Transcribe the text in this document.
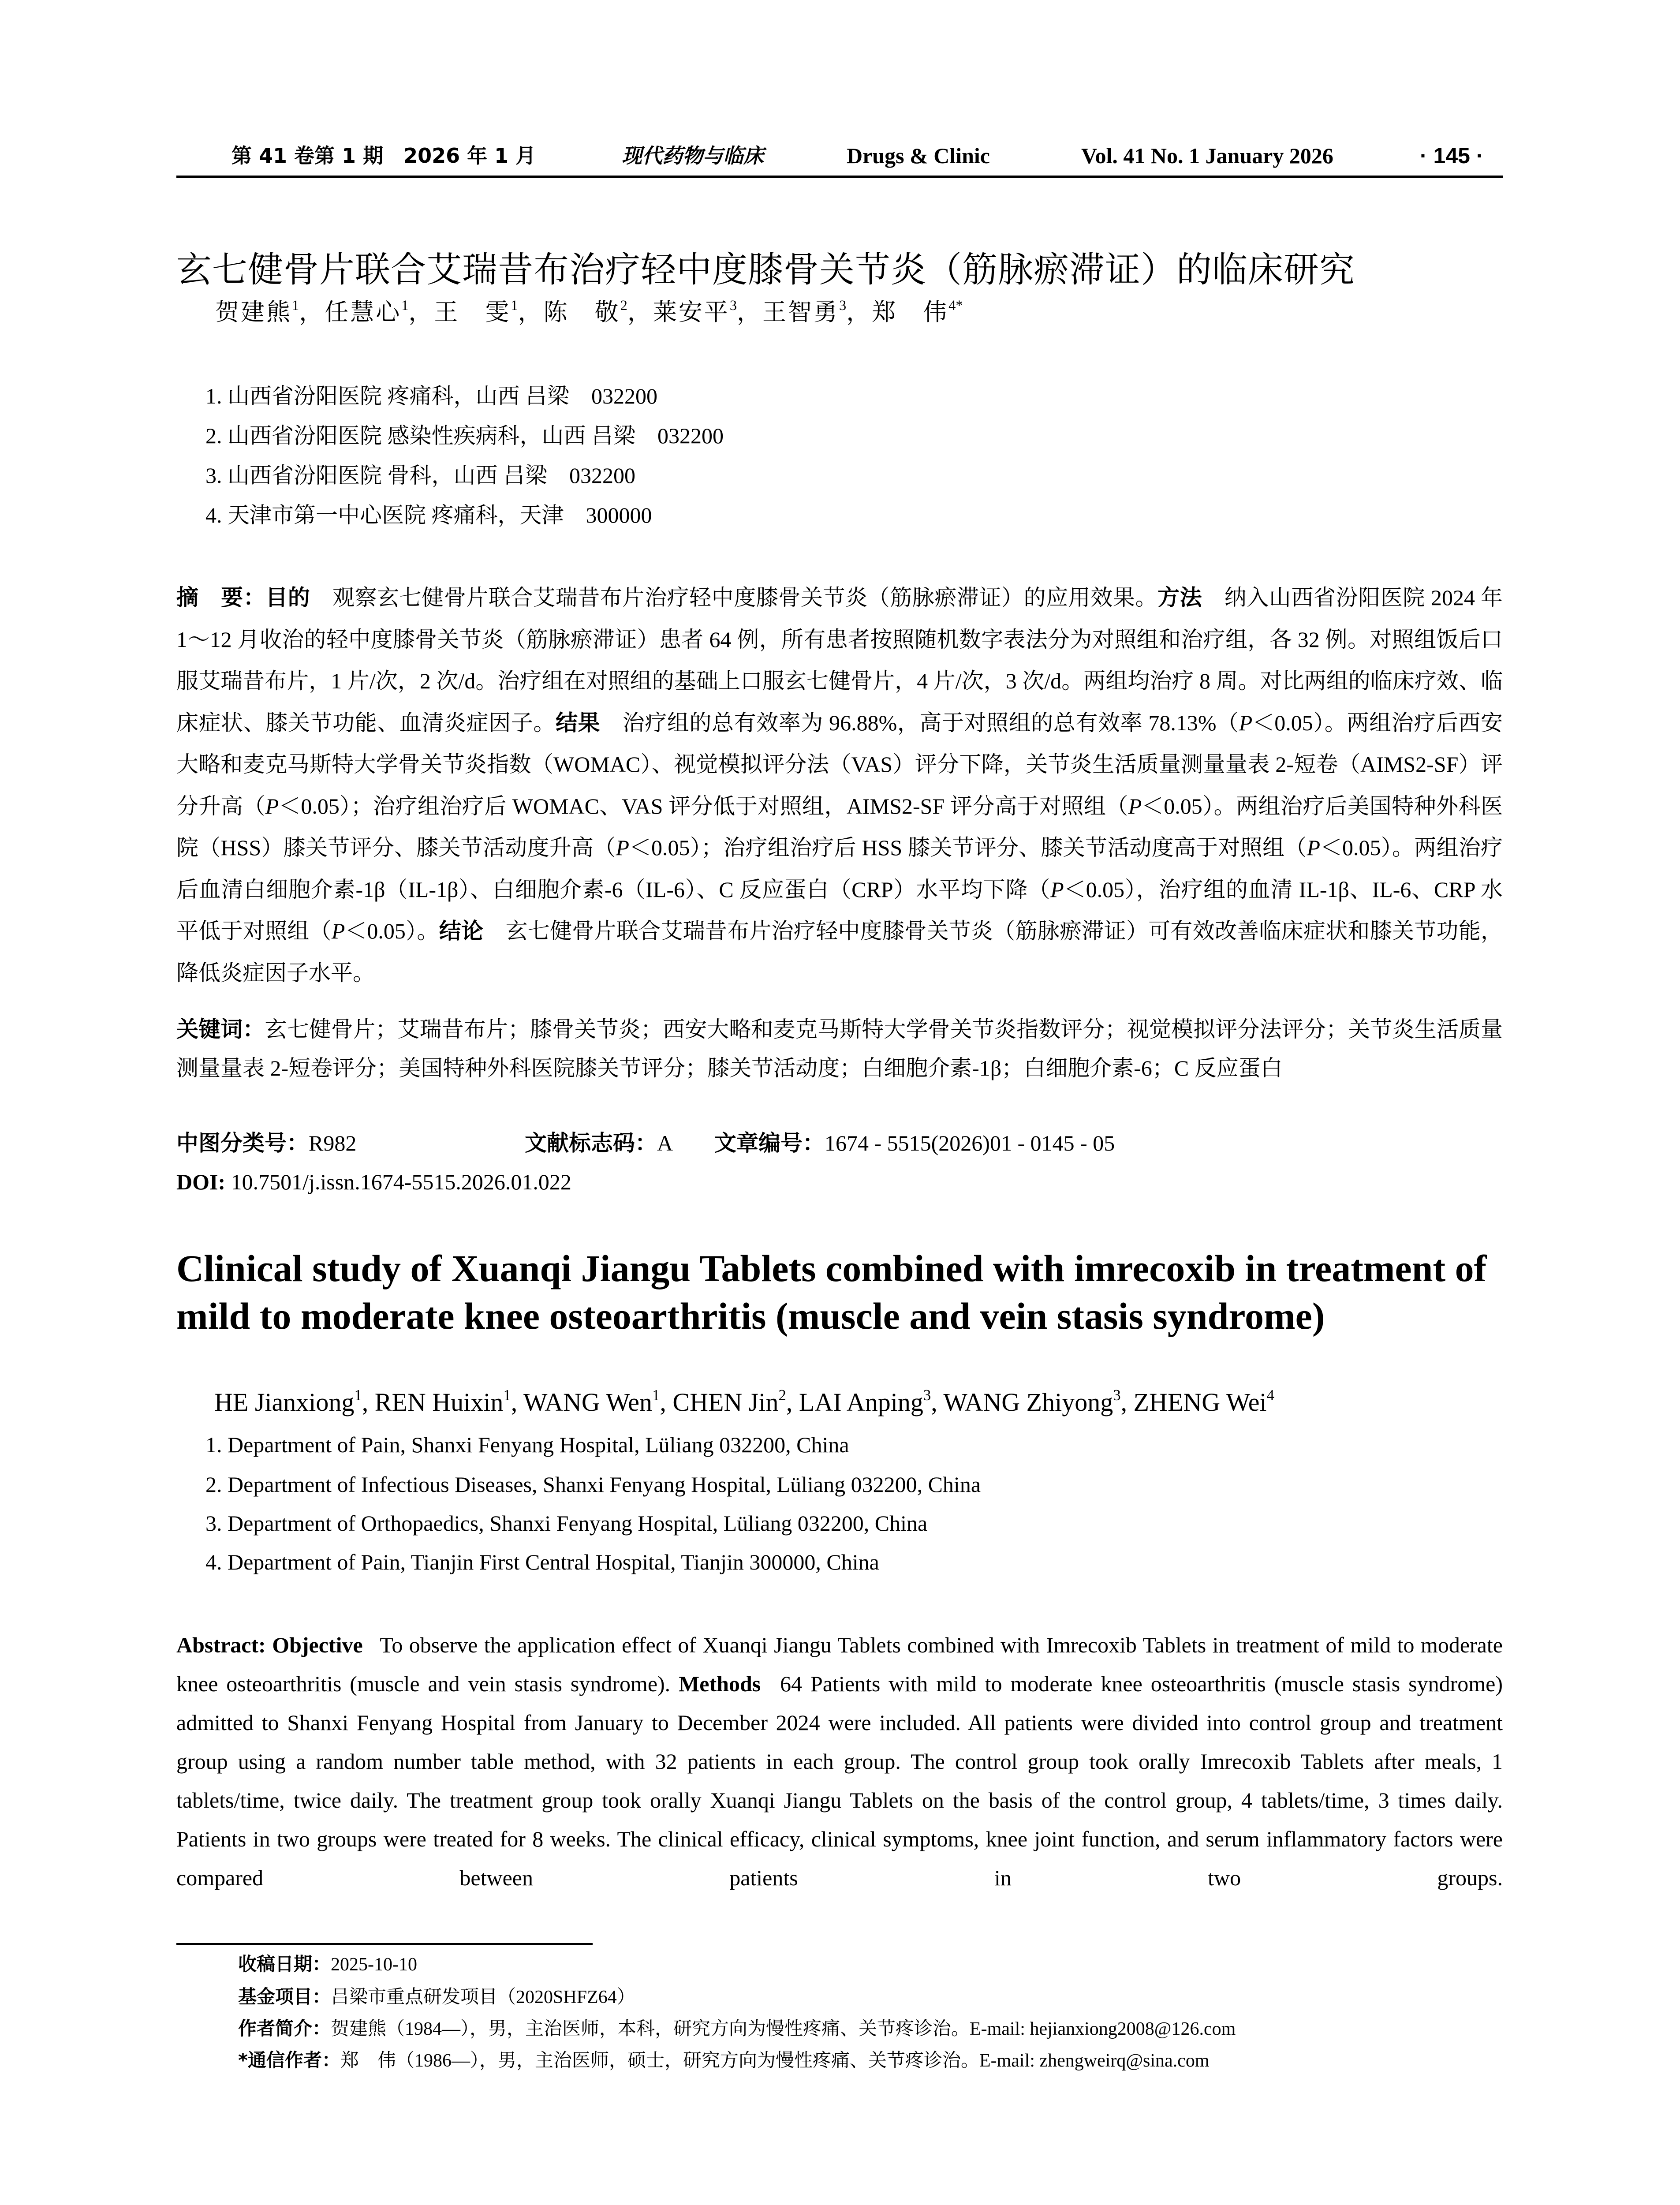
第 41 卷第 1 期　2026 年 1 月	现代药物与临床	Drugs & Clinic	Vol. 41 No. 1 January 2026	· 145 ·
玄七健骨片联合艾瑞昔布治疗轻中度膝骨关节炎（筋脉瘀滞证）的临床研究
贺建熊$^1$，任慧心$^1$，王　雯$^1$，陈　敬$^2$，莱安平$^3$，王智勇$^3$，郑　伟$^{4*}$
1. 山西省汾阳医院 疼痛科，山西 吕梁　032200
2. 山西省汾阳医院 感染性疾病科，山西 吕梁　032200
3. 山西省汾阳医院 骨科，山西 吕梁　032200
4. 天津市第一中心医院 疼痛科，天津　300000
摘　要：目的  观察玄七健骨片联合艾瑞昔布片治疗轻中度膝骨关节炎（筋脉瘀滞证）的应用效果。方法  纳入山西省汾阳医院 2024 年 1～12 月收治的轻中度膝骨关节炎（筋脉瘀滞证）患者 64 例，所有患者按照随机数字表法分为对照组和治疗组，各 32 例。对照组饭后口服艾瑞昔布片，1 片/次，2 次/d。治疗组在对照组的基础上口服玄七健骨片，4 片/次，3 次/d。两组均治疗 8 周。对比两组的临床疗效、临床症状、膝关节功能、血清炎症因子。结果  治疗组的总有效率为 96.88%，高于对照组的总有效率 78.13%（P＜0.05）。两组治疗后西安大略和麦克马斯特大学骨关节炎指数（WOMAC）、视觉模拟评分法（VAS）评分下降，关节炎生活质量测量量表 2-短卷（AIMS2-SF）评分升高（P＜0.05）；治疗组治疗后 WOMAC、VAS 评分低于对照组，AIMS2-SF 评分高于对照组（P＜0.05）。两组治疗后美国特种外科医院（HSS）膝关节评分、膝关节活动度升高（P＜0.05）；治疗组治疗后 HSS 膝关节评分、膝关节活动度高于对照组（P＜0.05）。两组治疗后血清白细胞介素-1β（IL-1β）、白细胞介素-6（IL-6）、C 反应蛋白（CRP）水平均下降（P＜0.05），治疗组的血清 IL-1β、IL-6、CRP 水平低于对照组（P＜0.05）。结论  玄七健骨片联合艾瑞昔布片治疗轻中度膝骨关节炎（筋脉瘀滞证）可有效改善临床症状和膝关节功能，降低炎症因子水平。
关键词：玄七健骨片；艾瑞昔布片；膝骨关节炎；西安大略和麦克马斯特大学骨关节炎指数评分；视觉模拟评分法评分；关节炎生活质量测量量表 2-短卷评分；美国特种外科医院膝关节评分；膝关节活动度；白细胞介素-1β；白细胞介素-6；C 反应蛋白
中图分类号：R982	文献标志码：A 文章编号：1674 - 5515(2026)01 - 0145 - 05
DOI: 10.7501/j.issn.1674-5515.2026.01.022
Clinical study of Xuanqi Jiangu Tablets combined with imrecoxib in treatment of mild to moderate knee osteoarthritis (muscle and vein stasis syndrome)
HE Jianxiong$^1$, REN Huixin$^1$, WANG Wen$^1$, CHEN Jin$^2$, LAI Anping$^3$, WANG Zhiyong$^3$, ZHENG Wei$^4$
1. Department of Pain, Shanxi Fenyang Hospital, Lüliang 032200, China
2. Department of Infectious Diseases, Shanxi Fenyang Hospital, Lüliang 032200, China
3. Department of Orthopaedics, Shanxi Fenyang Hospital, Lüliang 032200, China
4. Department of Pain, Tianjin First Central Hospital, Tianjin 300000, China
Abstract: Objective  To observe the application effect of Xuanqi Jiangu Tablets combined with Imrecoxib Tablets in treatment of mild to moderate knee osteoarthritis (muscle and vein stasis syndrome). Methods  64 Patients with mild to moderate knee osteoarthritis (muscle stasis syndrome) admitted to Shanxi Fenyang Hospital from January to December 2024 were included. All patients were divided into control group and treatment group using a random number table method, with 32 patients in each group. The control group took orally Imrecoxib Tablets after meals, 1 tablets/time, twice daily. The treatment group took orally Xuanqi Jiangu Tablets on the basis of the control group, 4 tablets/time, 3 times daily. Patients in two groups were treated for 8 weeks. The clinical efficacy, clinical symptoms, knee joint function, and serum inflammatory factors were compared between patients in two groups.
收稿日期：2025-10-10
基金项目：吕梁市重点研发项目（2020SHFZ64）
作者简介：贺建熊（1984—），男，主治医师，本科，研究方向为慢性疼痛、关节疼诊治。E-mail: hejianxiong2008@126.com
*通信作者：郑　伟（1986—），男，主治医师，硕士，研究方向为慢性疼痛、关节疼诊治。E-mail: zhengweirq@sina.com
